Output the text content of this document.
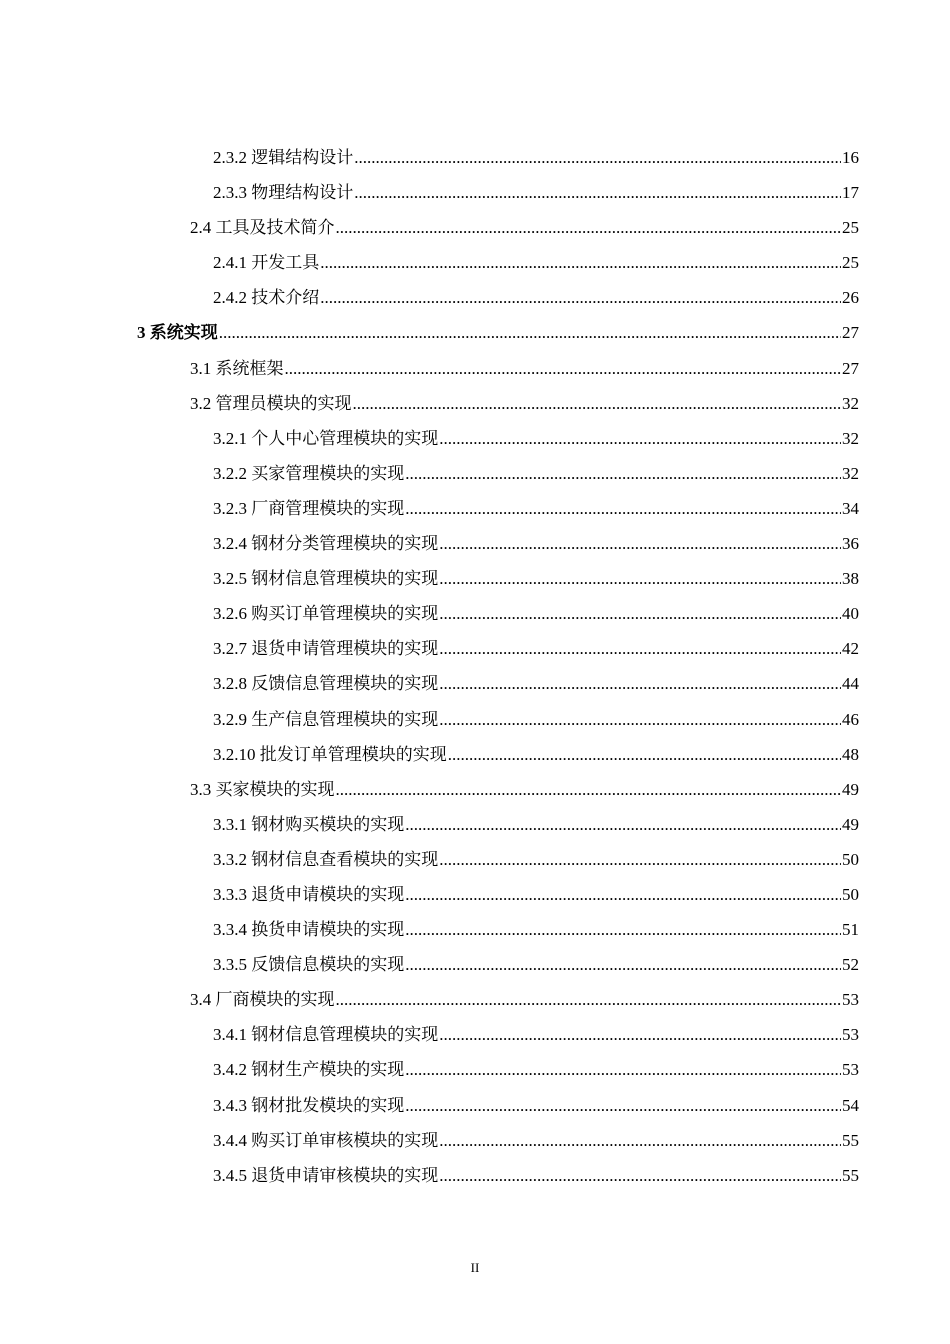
2.3.2 逻辑结构设计 .....	16
2.3.3 物理结构设计 .....	17
2.4 工具及技术简介 .....	25
2.4.1 开发工具 .....	25
2.4.2 技术介绍 .....	26
3 系统实现 .....	27
3.1 系统框架 .....	27
3.2 管理员模块的实现 .....	32
3.2.1 个人中心管理模块的实现 .....	32
3.2.2 买家管理模块的实现 .....	32
3.2.3 厂商管理模块的实现 .....	34
3.2.4 钢材分类管理模块的实现 .....	36
3.2.5 钢材信息管理模块的实现 .....	38
3.2.6 购买订单管理模块的实现 .....	40
3.2.7 退货申请管理模块的实现 .....	42
3.2.8 反馈信息管理模块的实现 .....	44
3.2.9 生产信息管理模块的实现 .....	46
3.2.10 批发订单管理模块的实现 .....	48
3.3 买家模块的实现 .....	49
3.3.1 钢材购买模块的实现 .....	49
3.3.2 钢材信息查看模块的实现 .....	50
3.3.3 退货申请模块的实现 .....	50
3.3.4 换货申请模块的实现 .....	51
3.3.5 反馈信息模块的实现 .....	52
3.4 厂商模块的实现 .....	53
3.4.1 钢材信息管理模块的实现 .....	53
3.4.2 钢材生产模块的实现 .....	53
3.4.3 钢材批发模块的实现 .....	54
3.4.4 购买订单审核模块的实现 .....	55
3.4.5 退货申请审核模块的实现 .....	55
II
